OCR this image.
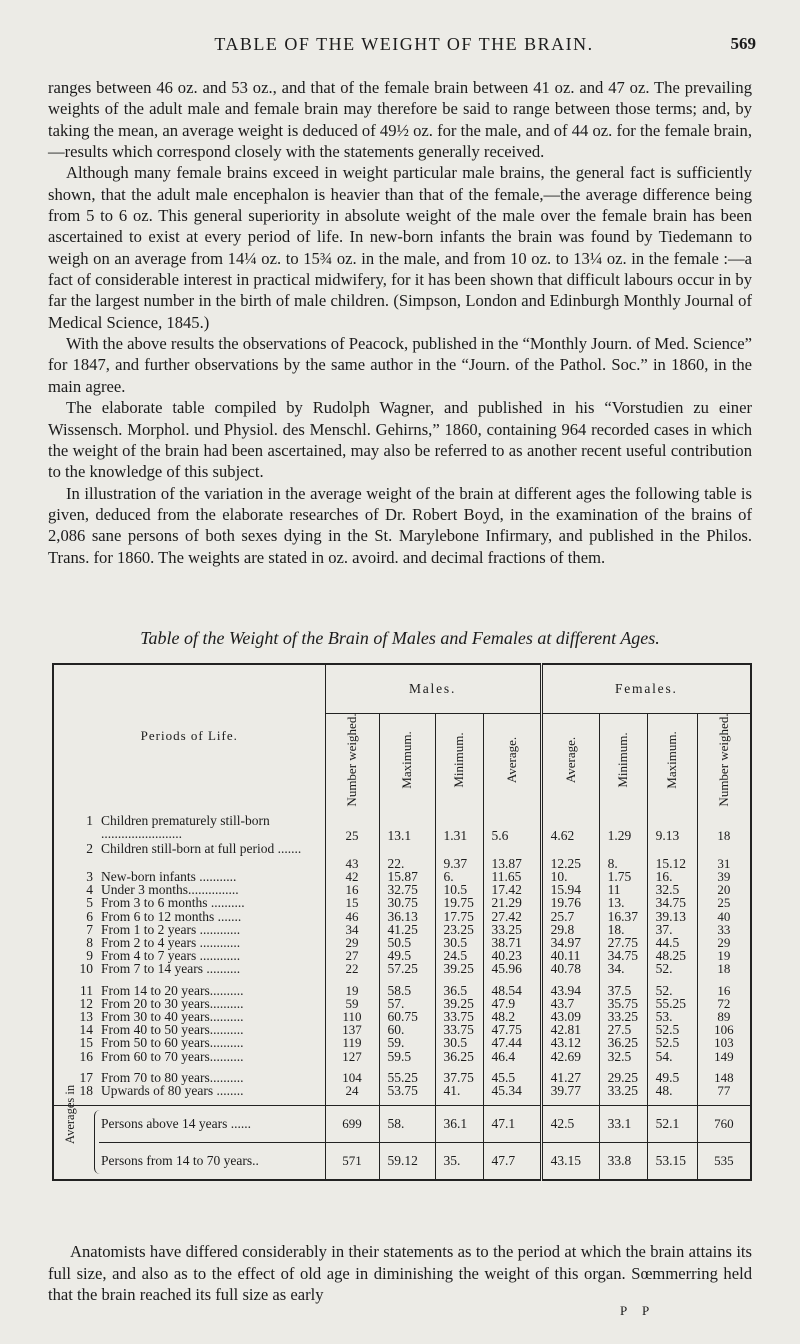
TABLE OF THE WEIGHT OF THE BRAIN.	569

ranges between 46 oz. and 53 oz., and that of the female brain between 41 oz. and 47 oz. The prevailing weights of the adult male and female brain may therefore be said to range between those terms; and, by taking the mean, an average weight is deduced of 49½ oz. for the male, and of 44 oz. for the female brain,—results which correspond closely with the statements generally received.

Although many female brains exceed in weight particular male brains, the general fact is sufficiently shown, that the adult male encephalon is heavier than that of the female,—the average difference being from 5 to 6 oz. This general superiority in absolute weight of the male over the female brain has been ascertained to exist at every period of life. In new-born infants the brain was found by Tiedemann to weigh on an average from 14¼ oz. to 15¾ oz. in the male, and from 10 oz. to 13¼ oz. in the female :—a fact of considerable interest in practical midwifery, for it has been shown that difficult labours occur in by far the largest number in the birth of male children. (Simpson, London and Edinburgh Monthly Journal of Medical Science, 1845.)

With the above results the observations of Peacock, published in the “Monthly Journ. of Med. Science” for 1847, and further observations by the same author in the “Journ. of the Pathol. Soc.” in 1860, in the main agree.

The elaborate table compiled by Rudolph Wagner, and published in his “Vorstudien zu einer Wissensch. Morphol. und Physiol. des Menschl. Gehirns,” 1860, containing 964 recorded cases in which the weight of the brain had been ascertained, may also be referred to as another recent useful contribution to the knowledge of this subject.

In illustration of the variation in the average weight of the brain at different ages the following table is given, deduced from the elaborate researches of Dr. Robert Boyd, in the examination of the brains of 2,086 sane persons of both sexes dying in the St. Marylebone Infirmary, and published in the Philos. Trans. for 1860. The weights are stated in oz. avoird. and decimal fractions of them.

Table of the Weight of the Brain of Males and Females at different Ages.
Periods of Life.		Males.				Females.			

		Number weighed.	Maximum.	Minimum.	Average.	Average.	Minimum.	Maximum.	Number weighed.

1	Children prematurely still-born ........................	25	13.1	1.31	5.6	4.62	1.29	9.13	18
2	Children still-born at full period .......	43	22.	9.37	13.87	12.25	8.	15.12	31
3	New-born infants ...........	42	15.87	6.	11.65	10.	1.75	16.	39
4	Under 3 months...............	16	32.75	10.5	17.42	15.94	11	32.5	20
5	From 3 to 6 months ..........	15	30.75	19.75	21.29	19.76	13.	34.75	25
6	From 6 to 12 months .......	46	36.13	17.75	27.42	25.7	16.37	39.13	40
7	From 1 to 2 years ............	34	41.25	23.25	33.25	29.8	18.	37.	33
8	From 2 to 4 years ............	29	50.5	30.5	38.71	34.97	27.75	44.5	29
9	From 4 to 7 years ............	27	49.5	24.5	40.23	40.11	34.75	48.25	19
10	From 7 to 14 years ..........	22	57.25	39.25	45.96	40.78	34.	52.	18

11	From 14 to 20 years..........	19	58.5	36.5	48.54	43.94	37.5	52.	16
12	From 20 to 30 years..........	59	57.	39.25	47.9	43.7	35.75	55.25	72
13	From 30 to 40 years..........	110	60.75	33.75	48.2	43.09	33.25	53.	89
14	From 40 to 50 years..........	137	60.	33.75	47.75	42.81	27.5	52.5	106
15	From 50 to 60 years..........	119	59.	30.5	47.44	43.12	36.25	52.5	103
16	From 60 to 70 years..........	127	59.5	36.25	46.4	42.69	32.5	54.	149

17	From 70 to 80 years..........	104	55.25	37.75	45.5	41.27	29.25	49.5	148
18	Upwards of 80 years ........	24	53.75	41.	45.34	39.77	33.25	48.	77

Averages in	Persons above 14 years ......	699	58.	36.1	47.1	42.5	33.1	52.1	760
	Persons from 14 to 70 years..	571	59.12	35.	47.7	43.15	33.8	53.15	535

Anatomists have differed considerably in their statements as to the period at which the brain attains its full size, and also as to the effect of old age in diminishing the weight of this organ. Sœmmerring held that the brain reached its full size as early

P P
